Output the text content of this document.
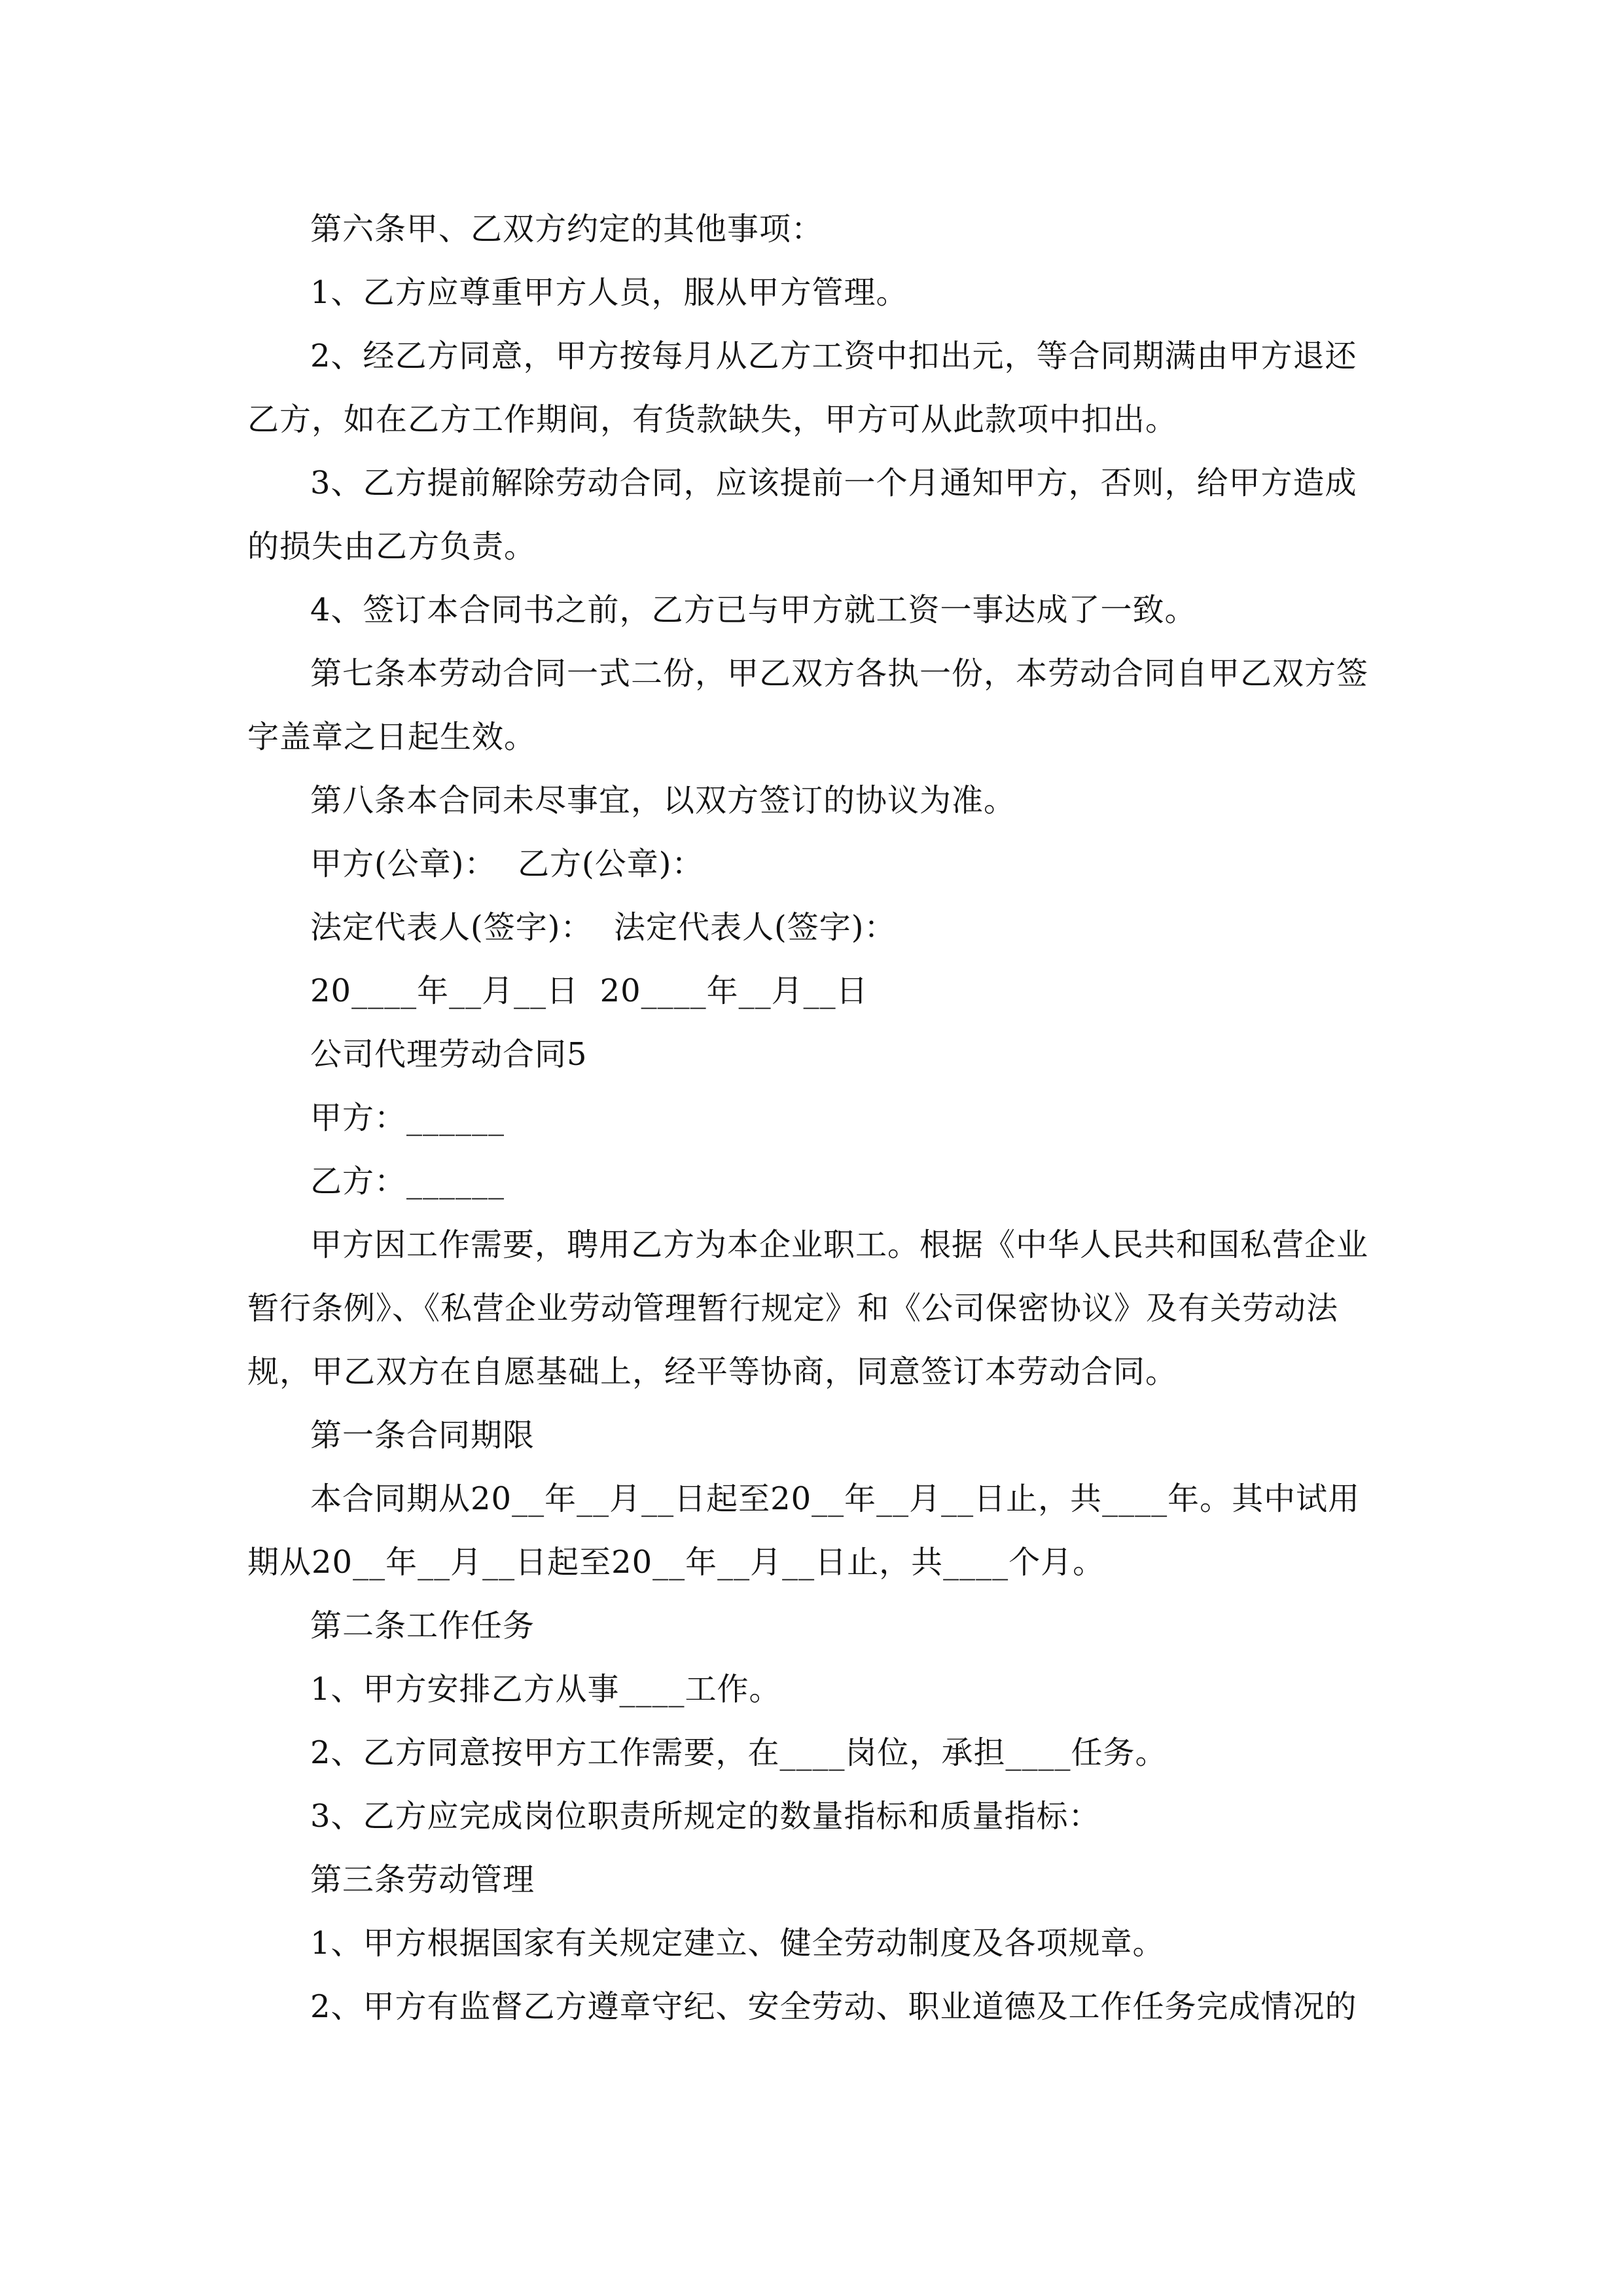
第六条甲、乙双方约定的其他事项：

1、乙方应尊重甲方人员，服从甲方管理。

2、经乙方同意，甲方按每月从乙方工资中扣出元，等合同期满由甲方退还乙方，如在乙方工作期间，有货款缺失，甲方可从此款项中扣出。

3、乙方提前解除劳动合同，应该提前一个月通知甲方，否则，给甲方造成的损失由乙方负责。

4、签订本合同书之前，乙方已与甲方就工资一事达成了一致。

第七条本劳动合同一式二份，甲乙双方各执一份，本劳动合同自甲乙双方签字盖章之日起生效。

第八条本合同未尽事宜，以双方签订的协议为准。

甲方(公章)：  乙方(公章)：

法定代表人(签字)：  法定代表人(签字)：

20____年__月__日  20____年__月__日

公司代理劳动合同5

甲方：______

乙方：______

甲方因工作需要，聘用乙方为本企业职工。根据《中华人民共和国私营企业暂行条例》、《私营企业劳动管理暂行规定》和《公司保密协议》及有关劳动法规，甲乙双方在自愿基础上，经平等协商，同意签订本劳动合同。

第一条合同期限

本合同期从20__年__月__日起至20__年__月__日止，共____年。其中试用期从20__年__月__日起至20__年__月__日止，共____个月。

第二条工作任务

1、甲方安排乙方从事____工作。

2、乙方同意按甲方工作需要，在____岗位，承担____任务。

3、乙方应完成岗位职责所规定的数量指标和质量指标：

第三条劳动管理

1、甲方根据国家有关规定建立、健全劳动制度及各项规章。

2、甲方有监督乙方遵章守纪、安全劳动、职业道德及工作任务完成情况的
